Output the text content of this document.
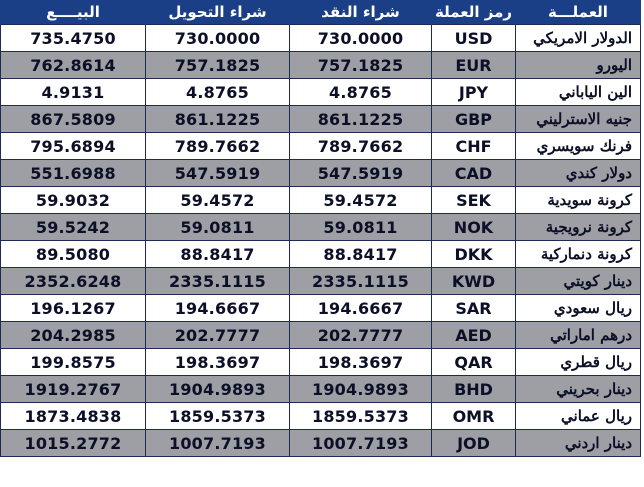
البيــــع	شراء التحويل	شراء النقد	رمز العملة	العملـــة
735.4750	730.0000	730.0000	USD	الدولار الامريكي
762.8614	757.1825	757.1825	EUR	اليورو
4.9131	4.8765	4.8765	JPY	الين الياباني
867.5809	861.1225	861.1225	GBP	جنيه الاسترليني
795.6894	789.7662	789.7662	CHF	فرنك سويسري
551.6988	547.5919	547.5919	CAD	دولار كندي
59.9032	59.4572	59.4572	SEK	كرونة سويدية
59.5242	59.0811	59.0811	NOK	كرونة نرويجية
89.5080	88.8417	88.8417	DKK	كرونة دنماركية
2352.6248	2335.1115	2335.1115	KWD	دينار كويتي
196.1267	194.6667	194.6667	SAR	ريال سعودي
204.2985	202.7777	202.7777	AED	درهم اماراتي
199.8575	198.3697	198.3697	QAR	ريال قطري
1919.2767	1904.9893	1904.9893	BHD	دينار بحريني
1873.4838	1859.5373	1859.5373	OMR	ريال عماني
1015.2772	1007.7193	1007.7193	JOD	دينار اردني
